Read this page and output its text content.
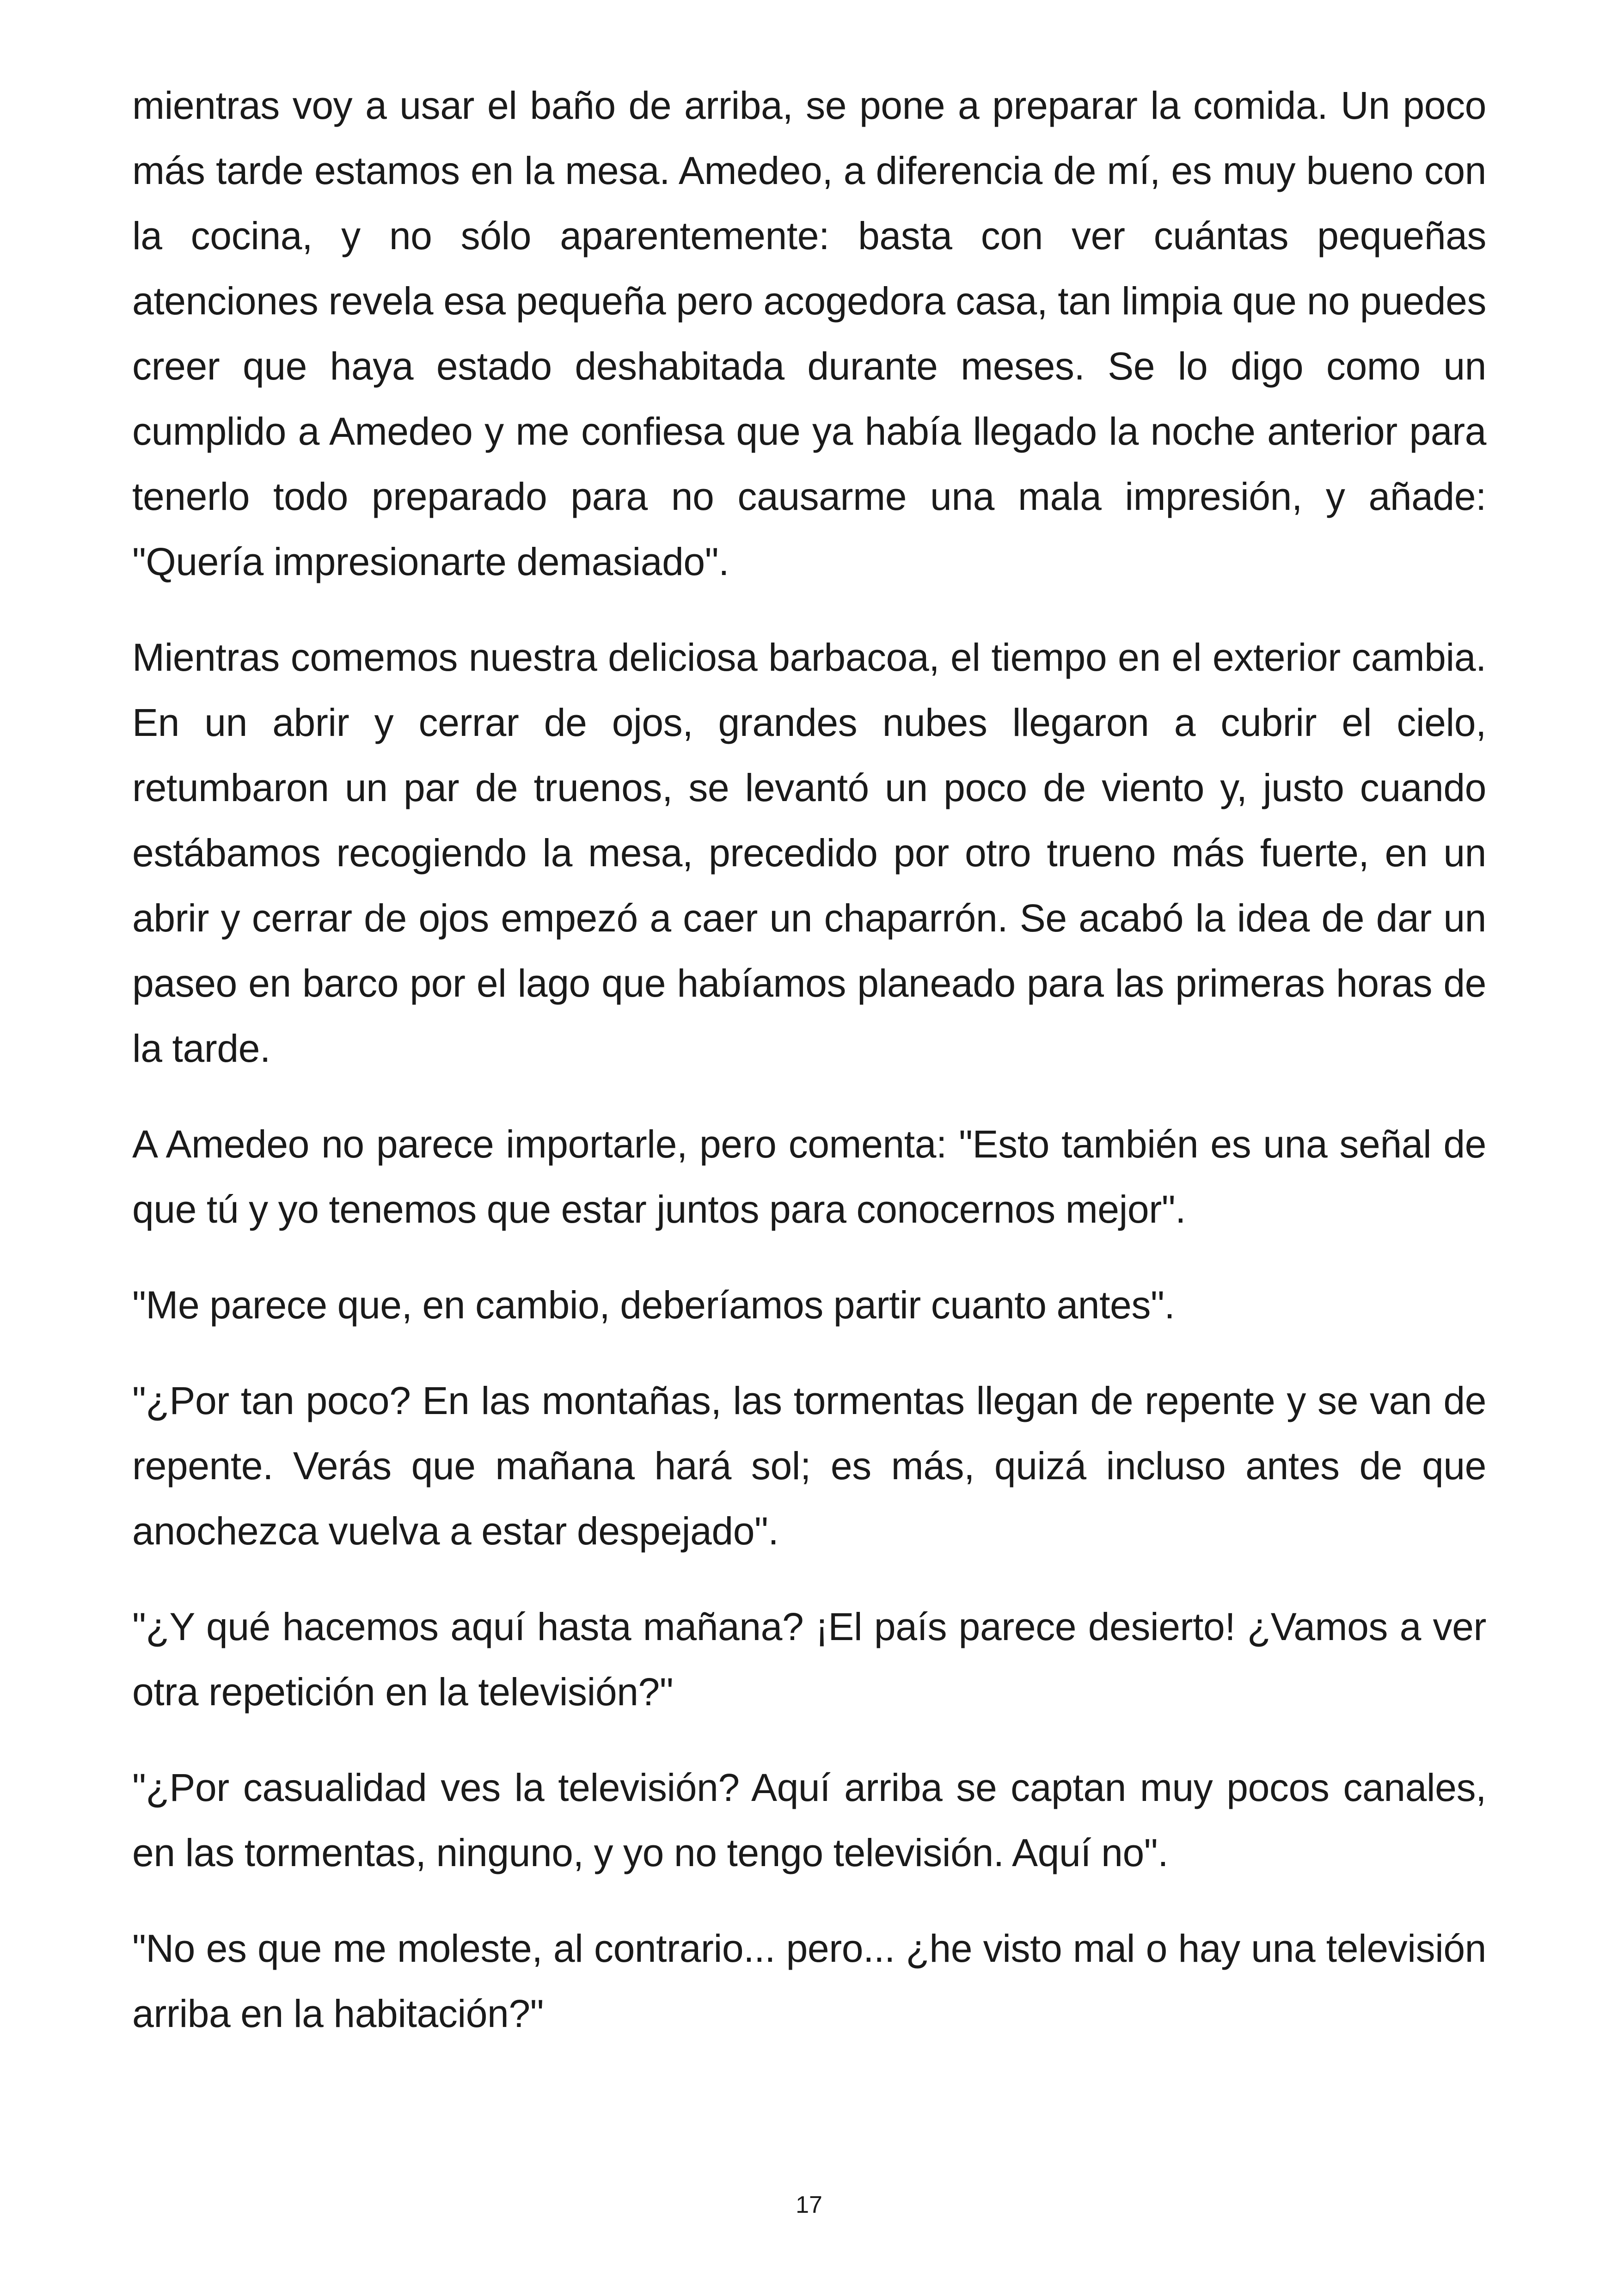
mientras voy a usar el baño de arriba, se pone a preparar la comida. Un poco más tarde estamos en la mesa. Amedeo, a diferencia de mí, es muy bueno con la cocina, y no sólo aparentemente: basta con ver cuántas pequeñas atenciones revela esa pequeña pero acogedora casa, tan limpia que no puedes creer que haya estado deshabitada durante meses. Se lo digo como un cumplido a Amedeo y me confiesa que ya había llegado la noche anterior para tenerlo todo preparado para no causarme una mala impresión, y añade: "Quería impresionarte demasiado".

Mientras comemos nuestra deliciosa barbacoa, el tiempo en el exterior cambia. En un abrir y cerrar de ojos, grandes nubes llegaron a cubrir el cielo, retumbaron un par de truenos, se levantó un poco de viento y, justo cuando estábamos recogiendo la mesa, precedido por otro trueno más fuerte, en un abrir y cerrar de ojos empezó a caer un chaparrón. Se acabó la idea de dar un paseo en barco por el lago que habíamos planeado para las primeras horas de la tarde.

A Amedeo no parece importarle, pero comenta: "Esto también es una señal de que tú y yo tenemos que estar juntos para conocernos mejor".

"Me parece que, en cambio, deberíamos partir cuanto antes".

"¿Por tan poco? En las montañas, las tormentas llegan de repente y se van de repente. Verás que mañana hará sol; es más, quizá incluso antes de que anochezca vuelva a estar despejado".

"¿Y qué hacemos aquí hasta mañana? ¡El país parece desierto! ¿Vamos a ver otra repetición en la televisión?"

"¿Por casualidad ves la televisión? Aquí arriba se captan muy pocos canales, en las tormentas, ninguno, y yo no tengo televisión. Aquí no".

"No es que me moleste, al contrario... pero... ¿he visto mal o hay una televisión arriba en la habitación?"

17
